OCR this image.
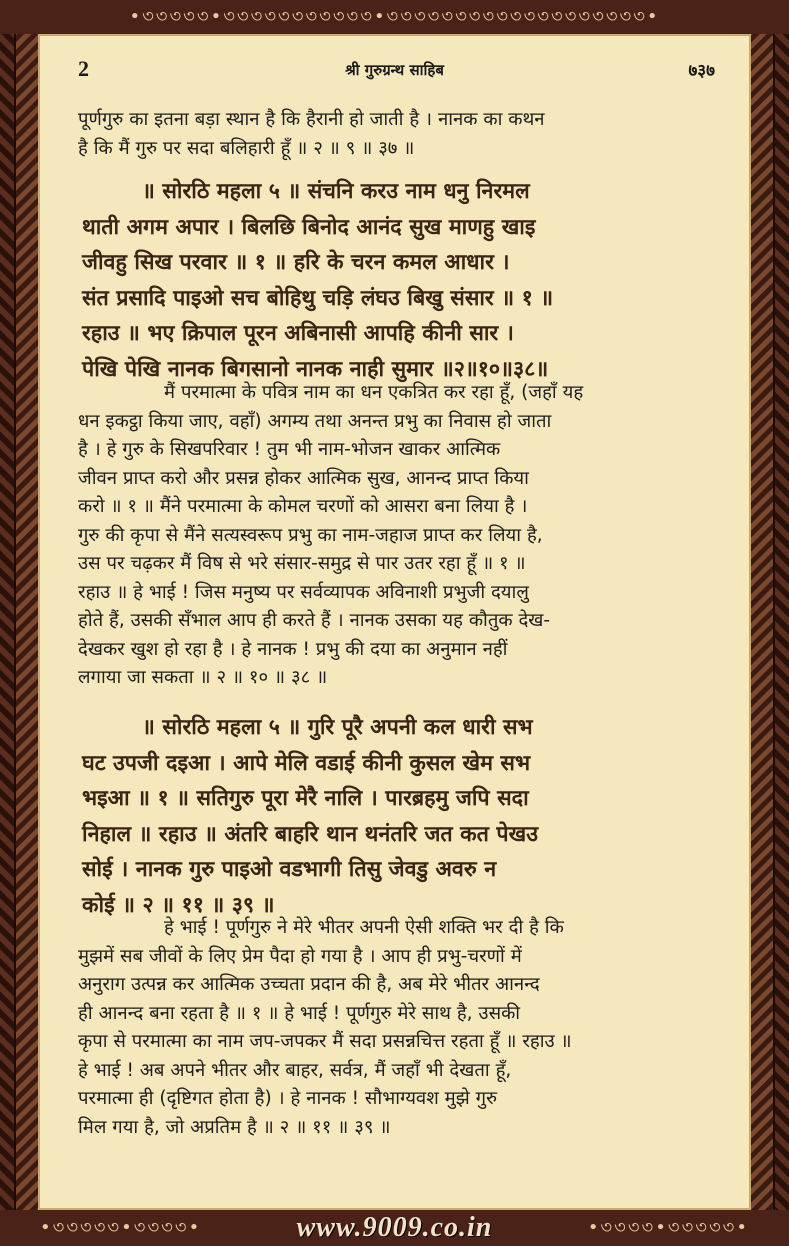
•৩৩৩৩৩•৩৩৩৩৩৩৩৩৩৩৩•৩৩৩৩৩৩৩৩৩৩৩৩৩৩৩৩৩৩৩•
2	श्री गुरुग्रन्थ साहिब	७३७
पूर्णगुरु का इतना बड़ा स्थान है कि हैरानी हो जाती है । नानक का कथन
है कि मैं गुरु पर सदा बलिहारी हूँ ॥ २ ॥ ९ ॥ ३७ ॥
॥ सोरठि महला ५ ॥ संचनि करउ नाम धनु निरमल
थाती अगम अपार । बिलछि बिनोद आनंद सुख माणहु खाइ
जीवहु सिख परवार ॥ १ ॥ हरि के चरन कमल आधार ।
संत प्रसादि पाइओ सच बोहिथु चड़ि लंघउ बिखु संसार ॥ १ ॥
रहाउ ॥ भए क्रिपाल पूरन अबिनासी आपहि कीनी सार ।
पेखि पेखि नानक बिगसानो नानक नाही सुमार ॥२॥१०॥३८॥
मैं परमात्मा के पवित्र नाम का धन एकत्रित कर रहा हूँ, (जहाँ यह
धन इकट्ठा किया जाए, वहाँ) अगम्य तथा अनन्त प्रभु का निवास हो जाता
है । हे गुरु के सिखपरिवार ! तुम भी नाम-भोजन खाकर आत्मिक
जीवन प्राप्त करो और प्रसन्न होकर आत्मिक सुख, आनन्द प्राप्त किया
करो ॥ १ ॥ मैंने परमात्मा के कोमल चरणों को आसरा बना लिया है ।
गुरु की कृपा से मैंने सत्यस्वरूप प्रभु का नाम-जहाज प्राप्त कर लिया है,
उस पर चढ़कर मैं विष से भरे संसार-समुद्र से पार उतर रहा हूँ ॥ १ ॥
रहाउ ॥ हे भाई ! जिस मनुष्य पर सर्वव्यापक अविनाशी प्रभुजी दयालु
होते हैं, उसकी सँभाल आप ही करते हैं । नानक उसका यह कौतुक देख-
देखकर खुश हो रहा है । हे नानक ! प्रभु की दया का अनुमान नहीं
लगाया जा सकता ॥ २ ॥ १० ॥ ३८ ॥
॥ सोरठि महला ५ ॥ गुरि पूरै अपनी कल धारी सभ
घट उपजी दइआ । आपे मेलि वडाई कीनी कुसल खेम सभ
भइआ ॥ १ ॥ सतिगुरु पूरा मेरै नालि । पारब्रहमु जपि सदा
निहाल ॥ रहाउ ॥ अंतरि बाहरि थान थनंतरि जत कत पेखउ
सोई । नानक गुरु पाइओ वडभागी तिसु जेवडु अवरु न
कोई ॥ २ ॥ ११ ॥ ३९ ॥
हे भाई ! पूर्णगुरु ने मेरे भीतर अपनी ऐसी शक्ति भर दी है कि
मुझमें सब जीवों के लिए प्रेम पैदा हो गया है । आप ही प्रभु-चरणों में
अनुराग उत्पन्न कर आत्मिक उच्चता प्रदान की है, अब मेरे भीतर आनन्द
ही आनन्द बना रहता है ॥ १ ॥ हे भाई ! पूर्णगुरु मेरे साथ है, उसकी
कृपा से परमात्मा का नाम जप-जपकर मैं सदा प्रसन्नचित्त रहता हूँ ॥ रहाउ ॥
हे भाई ! अब अपने भीतर और बाहर, सर्वत्र, मैं जहाँ भी देखता हूँ,
परमात्मा ही (दृष्टिगत होता है) । हे नानक ! सौभाग्यवश मुझे गुरु
मिल गया है, जो अप्रतिम है ॥ २ ॥ ११ ॥ ३९ ॥
•৩৩৩৩৩•৩৩৩৩•	www.9009.co.in	•৩৩৩৩•৩৩৩৩৩•
